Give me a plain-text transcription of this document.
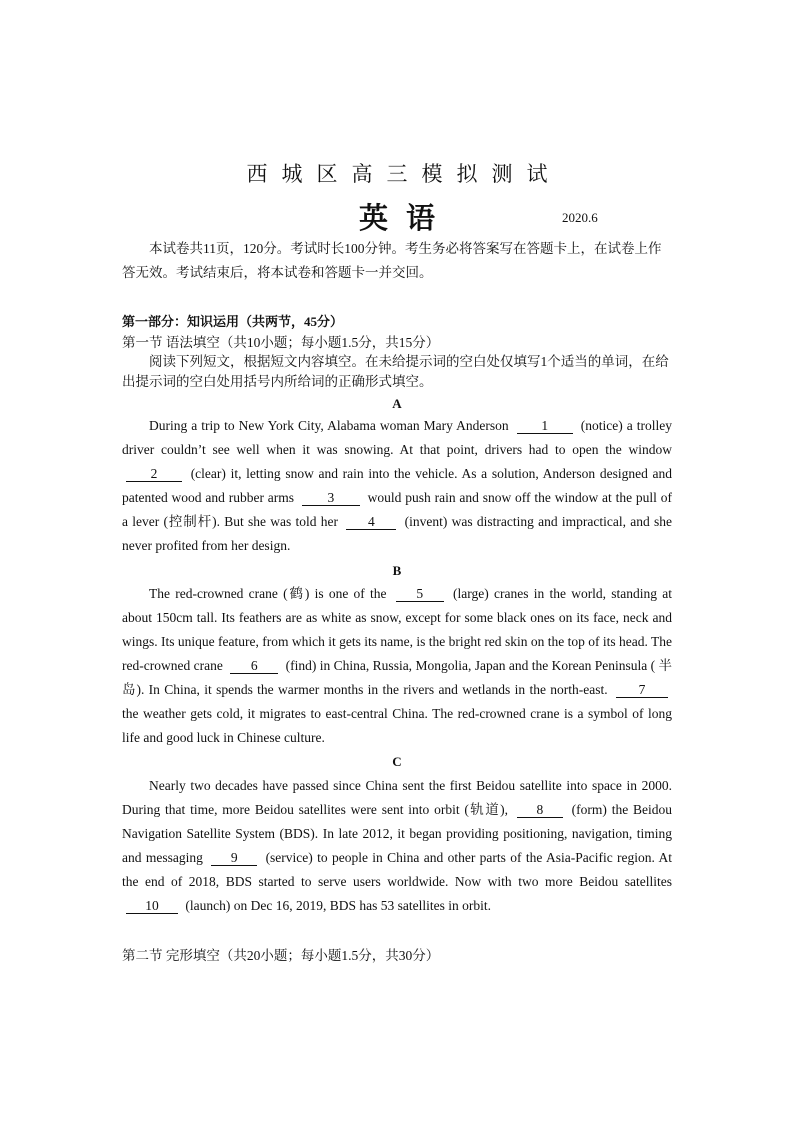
西城区高三模拟测试
英语	2020.6
本试卷共11页，120分。考试时长100分钟。考生务必将答案写在答题卡上，在试卷上作答无效。考试结束后，将本试卷和答题卡一并交回。
第一部分：知识运用（共两节，45分）
第一节 语法填空（共10小题；每小题1.5分，共15分）
阅读下列短文，根据短文内容填空。在未给提示词的空白处仅填写1个适当的单词，在给出提示词的空白处用括号内所给词的正确形式填空。
A
During a trip to New York City, Alabama woman Mary Anderson 1 (notice) a trolley driver couldn’t see well when it was snowing. At that point, drivers had to open the window 2 (clear) it, letting snow and rain into the vehicle. As a solution, Anderson designed and patented wood and rubber arms 3 would push rain and snow off the window at the pull of a lever (控制杆). But she was told her 4 (invent) was distracting and impractical, and she never profited from her design.
B
The red-crowned crane (鹤) is one of the 5 (large) cranes in the world, standing at about 150cm tall. Its feathers are as white as snow, except for some black ones on its face, neck and wings. Its unique feature, from which it gets its name, is the bright red skin on the top of its head. The red-crowned crane 6 (find) in China, Russia, Mongolia, Japan and the Korean Peninsula ( 半岛). In China, it spends the warmer months in the rivers and wetlands in the north-east. 7 the weather gets cold, it migrates to east-central China. The red-crowned crane is a symbol of long life and good luck in Chinese culture.
C
Nearly two decades have passed since China sent the first Beidou satellite into space in 2000. During that time, more Beidou satellites were sent into orbit (轨道), 8 (form) the Beidou Navigation Satellite System (BDS). In late 2012, it began providing positioning, navigation, timing and messaging 9 (service) to people in China and other parts of the Asia-Pacific region. At the end of 2018, BDS started to serve users worldwide. Now with two more Beidou satellites 10 (launch) on Dec 16, 2019, BDS has 53 satellites in orbit.
第二节 完形填空（共20小题；每小题1.5分，共30分）
